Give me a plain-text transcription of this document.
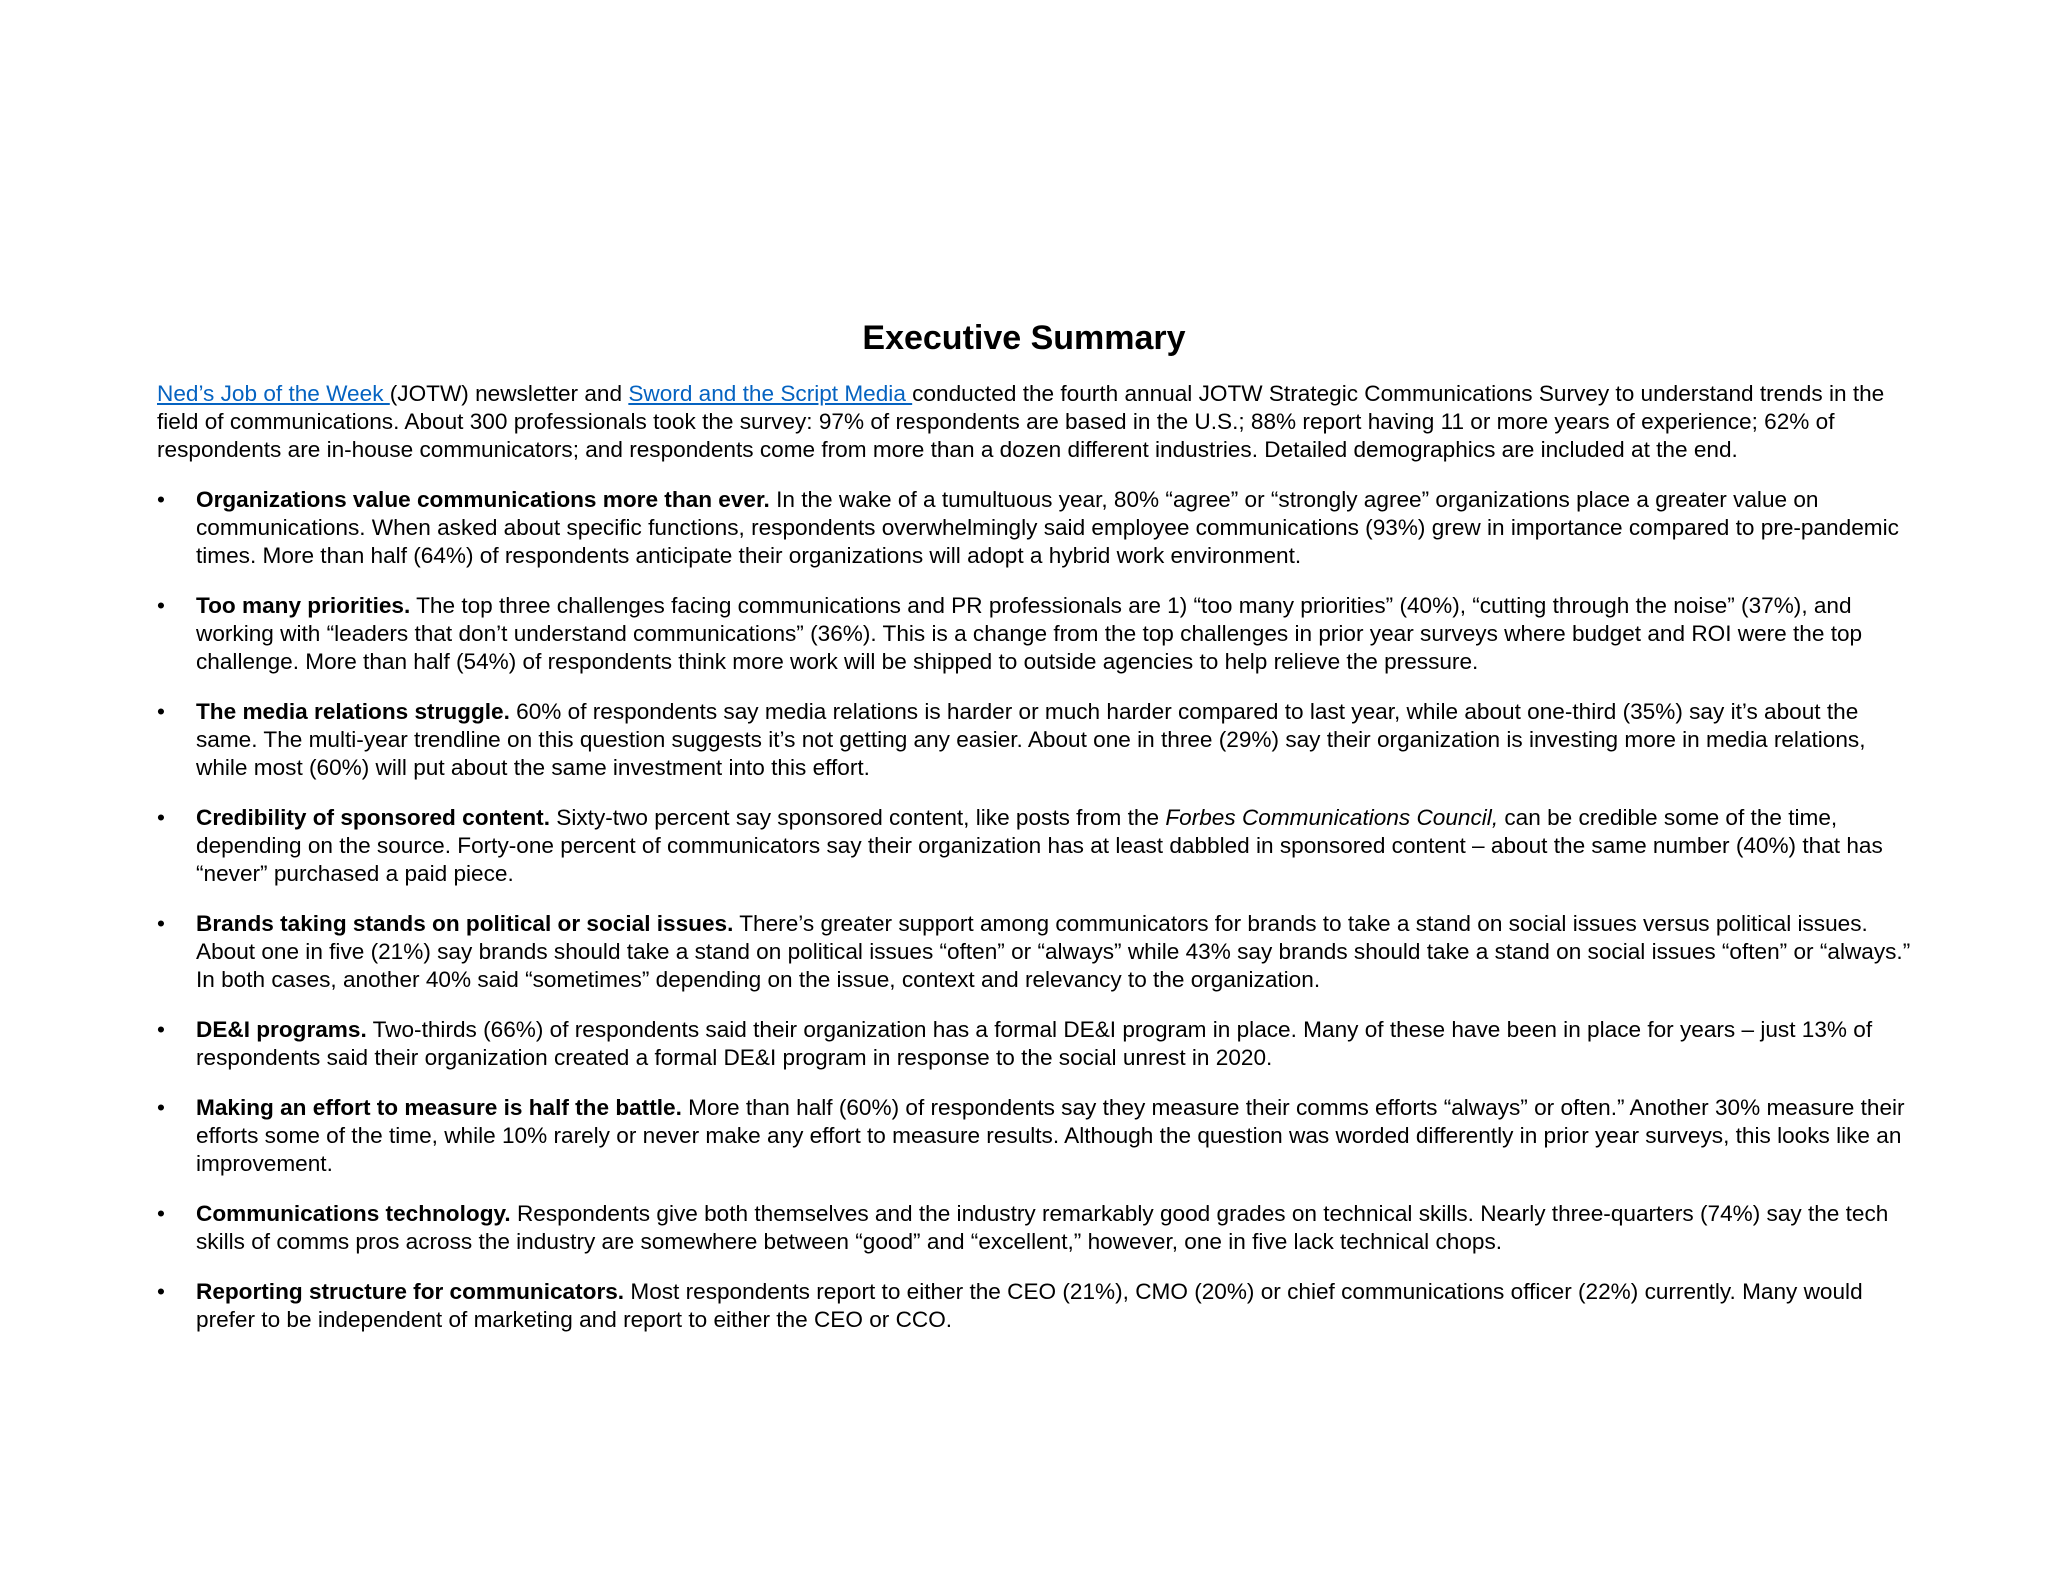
Executive Summary

Ned’s Job of the Week (JOTW) newsletter and Sword and the Script Media conducted the fourth annual JOTW Strategic Communications Survey to understand trends in the field of communications. About 300 professionals took the survey: 97% of respondents are based in the U.S.; 88% report having 11 or more years of experience; 62% of respondents are in-house communicators; and respondents come from more than a dozen different industries. Detailed demographics are included at the end.

•	Organizations value communications more than ever. In the wake of a tumultuous year, 80% “agree” or “strongly agree” organizations place a greater value on communications. When asked about specific functions, respondents overwhelmingly said employee communications (93%) grew in importance compared to pre-pandemic times. More than half (64%) of respondents anticipate their organizations will adopt a hybrid work environment.
•	Too many priorities. The top three challenges facing communications and PR professionals are 1) “too many priorities” (40%), “cutting through the noise” (37%), and working with “leaders that don’t understand communications” (36%). This is a change from the top challenges in prior year surveys where budget and ROI were the top challenge. More than half (54%) of respondents think more work will be shipped to outside agencies to help relieve the pressure.
•	The media relations struggle. 60% of respondents say media relations is harder or much harder compared to last year, while about one-third (35%) say it’s about the same. The multi-year trendline on this question suggests it’s not getting any easier. About one in three (29%) say their organization is investing more in media relations, while most (60%) will put about the same investment into this effort.
•	Credibility of sponsored content. Sixty-two percent say sponsored content, like posts from the Forbes Communications Council, can be credible some of the time, depending on the source. Forty-one percent of communicators say their organization has at least dabbled in sponsored content – about the same number (40%) that has “never” purchased a paid piece.
•	Brands taking stands on political or social issues. There’s greater support among communicators for brands to take a stand on social issues versus political issues. About one in five (21%) say brands should take a stand on political issues “often” or “always” while 43% say brands should take a stand on social issues “often” or “always.” In both cases, another 40% said “sometimes” depending on the issue, context and relevancy to the organization.
•	DE&I programs. Two-thirds (66%) of respondents said their organization has a formal DE&I program in place. Many of these have been in place for years – just 13% of respondents said their organization created a formal DE&I program in response to the social unrest in 2020.
•	Making an effort to measure is half the battle. More than half (60%) of respondents say they measure their comms efforts “always” or often.” Another 30% measure their efforts some of the time, while 10% rarely or never make any effort to measure results. Although the question was worded differently in prior year surveys, this looks like an improvement.
•	Communications technology. Respondents give both themselves and the industry remarkably good grades on technical skills. Nearly three-quarters (74%) say the tech skills of comms pros across the industry are somewhere between “good” and “excellent,” however, one in five lack technical chops.
•	Reporting structure for communicators. Most respondents report to either the CEO (21%), CMO (20%) or chief communications officer (22%) currently. Many would prefer to be independent of marketing and report to either the CEO or CCO.
